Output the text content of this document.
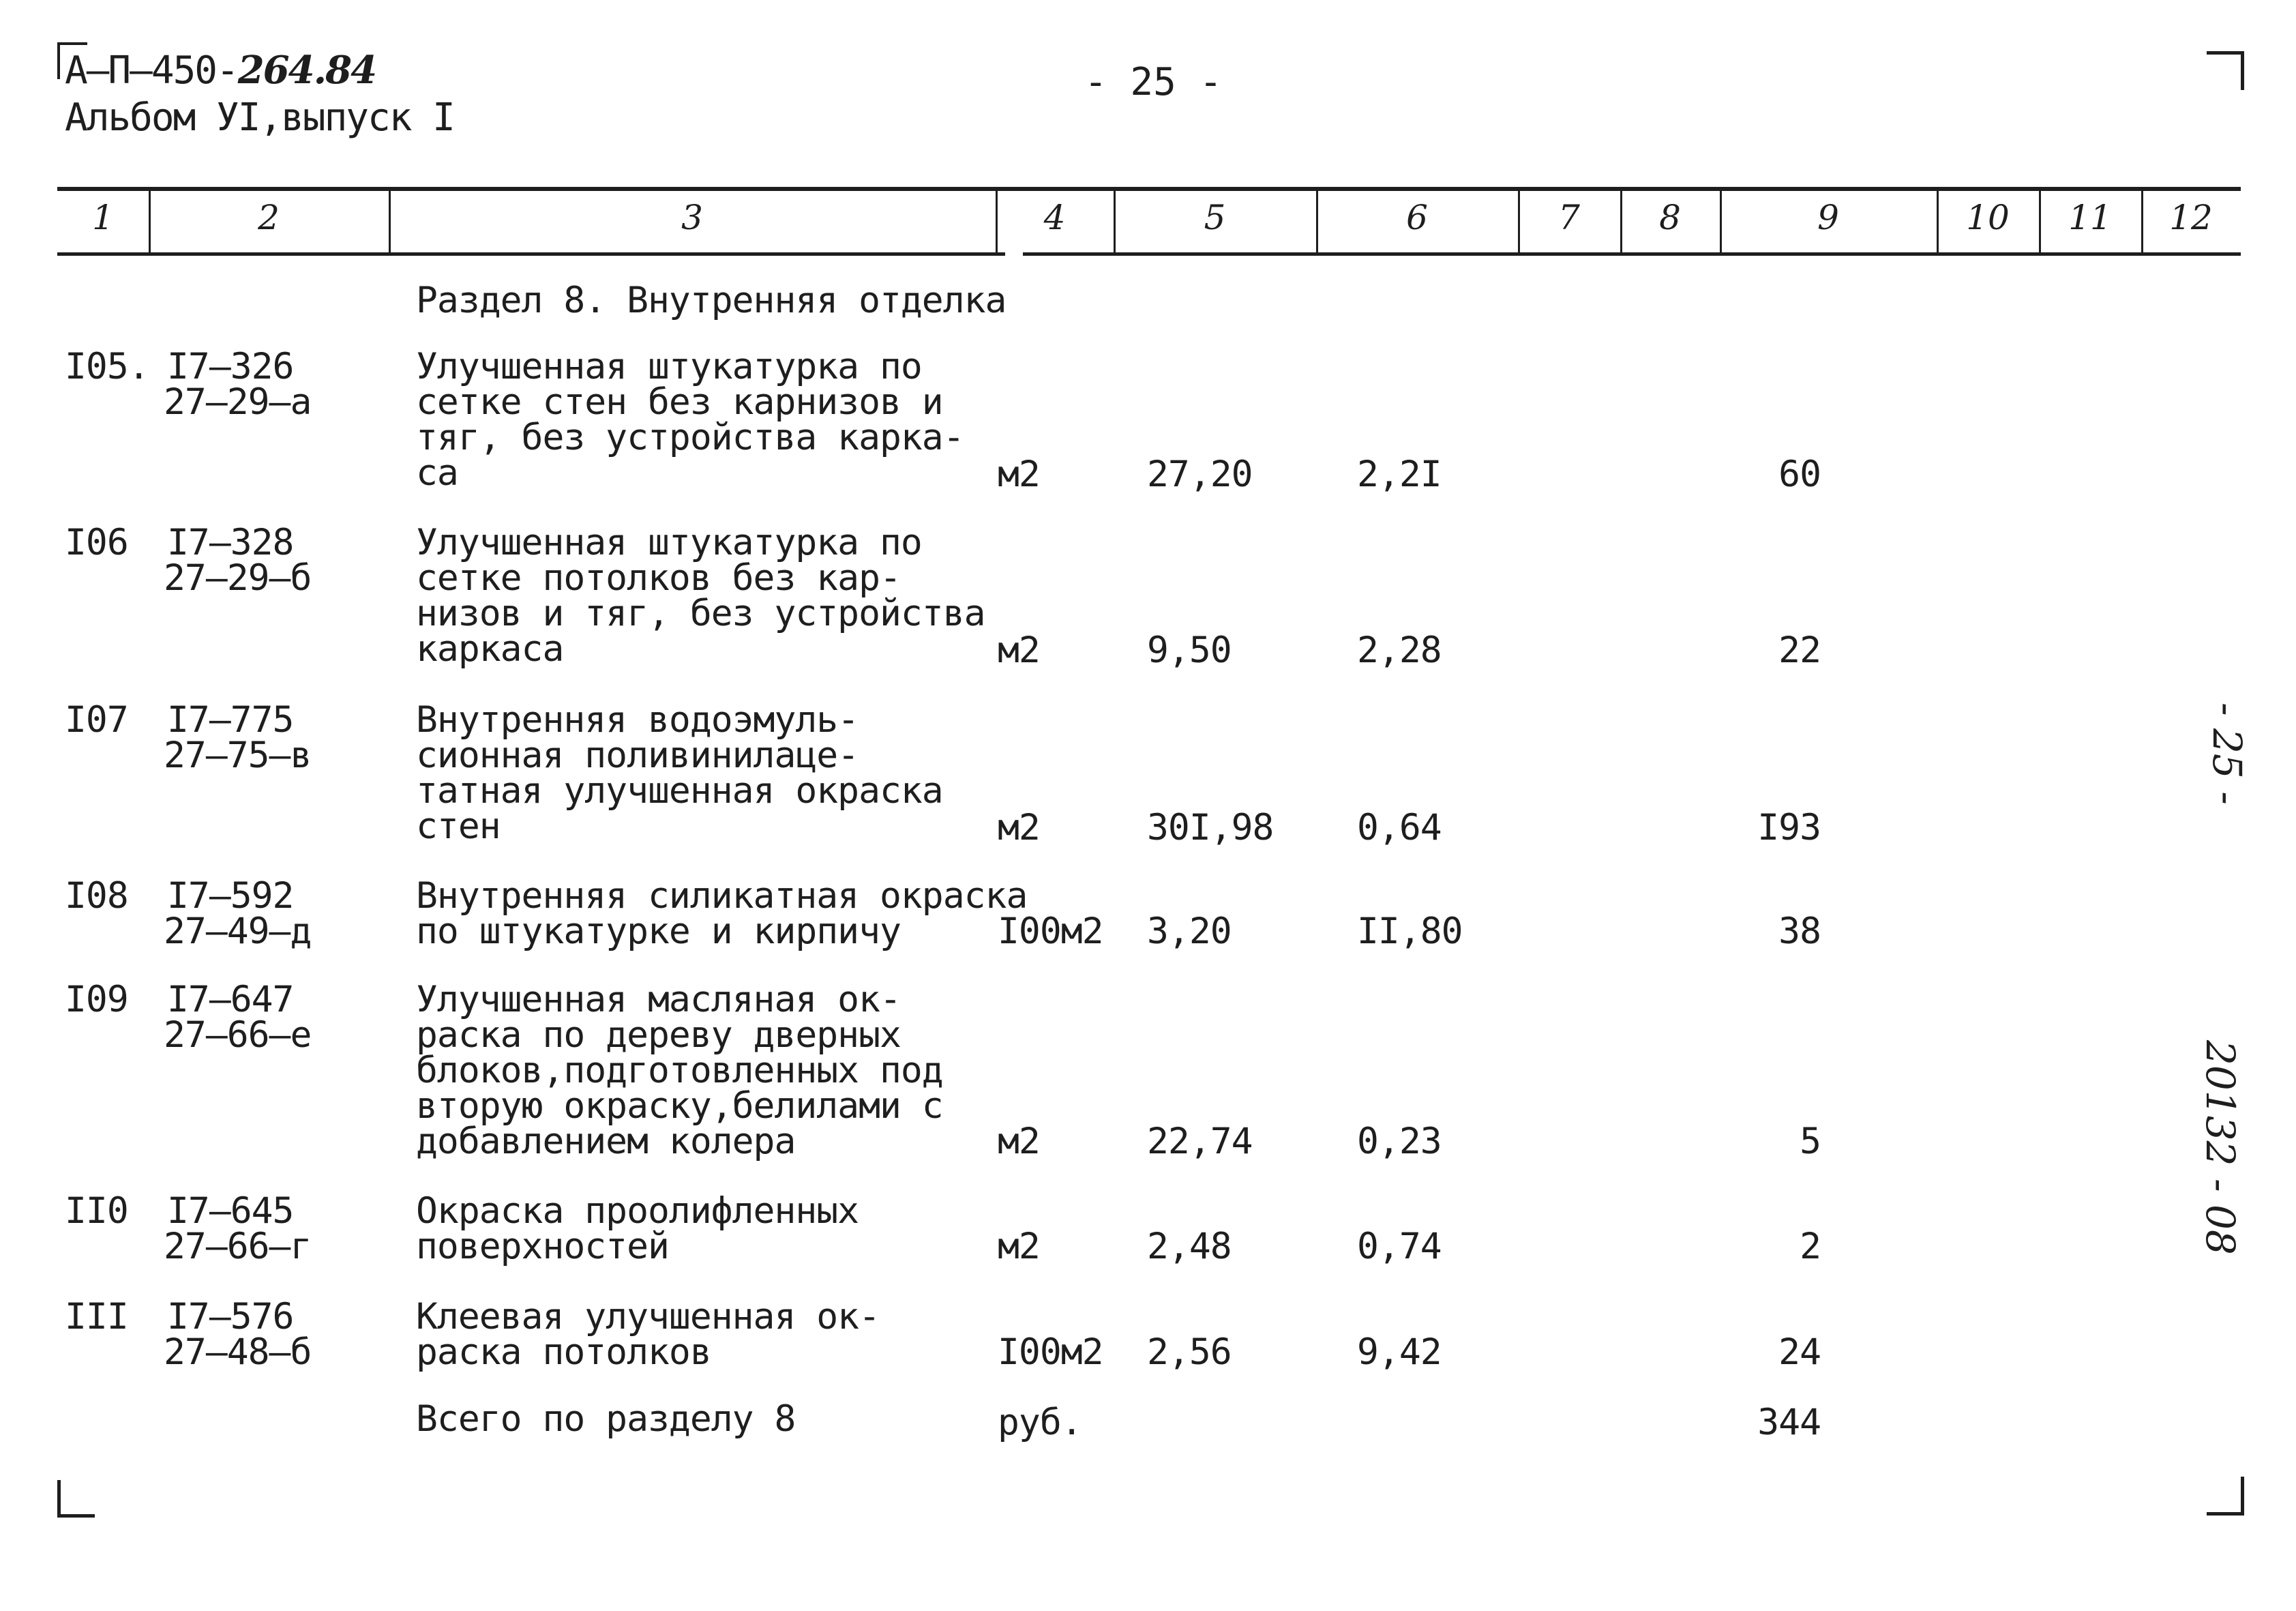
А–П–450-264.84
Альбом УI,выпуск I
- 25 -
1	2	3	4	5	6	7	8	9	10	11	12
Раздел 8. Внутренняя отделка
I05. I7–326
27–29–а
Улучшенная штукатурка по
сетке стен без карнизов и
тяг, без устройства карка-
са	м2	27,20	2,2I	60
I06 I7–328
27–29–б
Улучшенная штукатурка по
сетке потолков без кар-
низов и тяг, без устройства
каркаса	м2	9,50	2,28	22
I07 I7–775
27–75–в
Внутренняя водоэмуль-
сионная поливинилаце-
татная улучшенная окраска
стен	м2	30I,98 0,64	I93
I08 I7–592
27–49–д
Внутренняя силикатная окраска
по штукатурке и кирпичу	I00м2 3,20	II,80	38
I09 I7–647
27–66–е
Улучшенная масляная ок-
раска по дереву дверных
блоков,подготовленных под
вторую окраску,белилами с
добавлением колера	м2	22,74	0,23	5
II0 I7–645
27–66–г
Окраска проолифленных
поверхностей	м2	2,48	0,74	2
III I7–576
27–48–б
Клеевая улучшенная ок-
раска потолков	I00м2 2,56	9,42	24
Всего по разделу 8	руб.	344
- 25 -
20132 - 08
